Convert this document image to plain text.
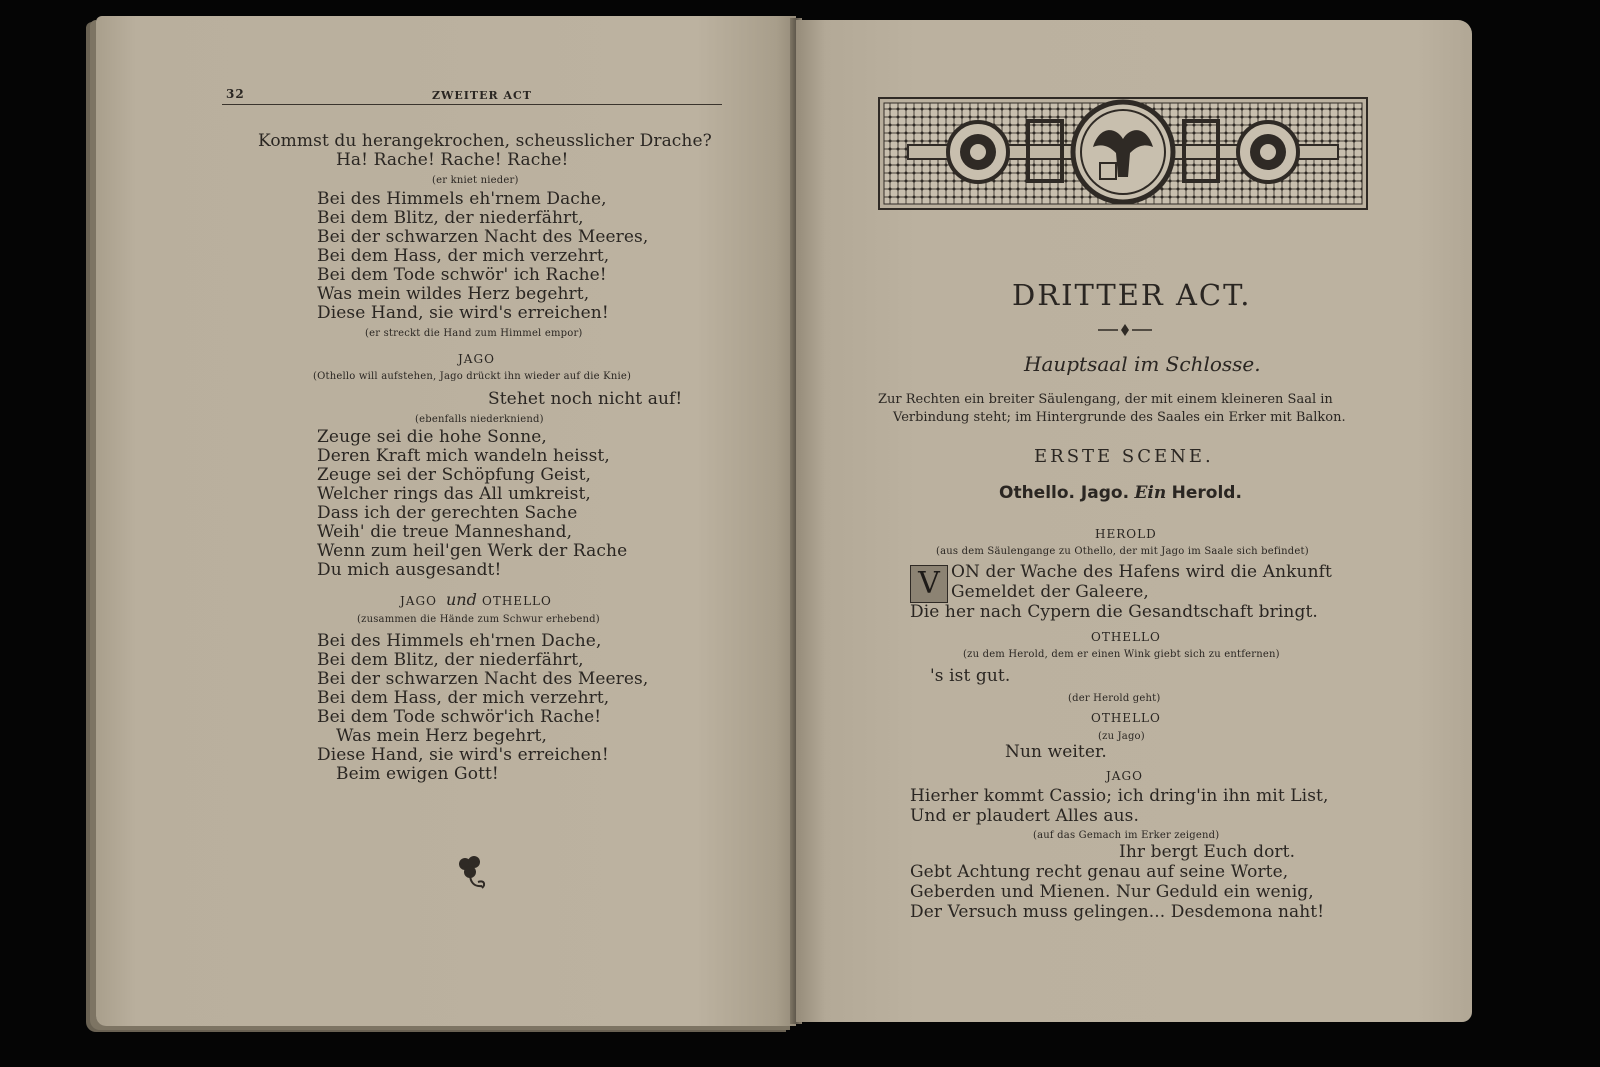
32	ZWEITER ACT
Kommst du herangekrochen, scheusslicher Drache?
Ha! Rache! Rache! Rache!
(er kniet nieder)
Bei des Himmels eh'rnem Dache,
Bei dem Blitz, der niederfährt,
Bei der schwarzen Nacht des Meeres,
Bei dem Hass, der mich verzehrt,
Bei dem Tode schwör' ich Rache!
Was mein wildes Herz begehrt,
Diese Hand, sie wird's erreichen!
(er streckt die Hand zum Himmel empor)
JAGO
(Othello will aufstehen, Jago drückt ihn wieder auf die Knie)
Stehet noch nicht auf!
(ebenfalls niederkniend)
Zeuge sei die hohe Sonne,
Deren Kraft mich wandeln heisst,
Zeuge sei der Schöpfung Geist,
Welcher rings das All umkreist,
Dass ich der gerechten Sache
Weih' die treue Manneshand,
Wenn zum heil'gen Werk der Rache
Du mich ausgesandt!
JAGO und OTHELLO
(zusammen die Hände zum Schwur erhebend)
Bei des Himmels eh'rnen Dache,
Bei dem Blitz, der niederfährt,
Bei der schwarzen Nacht des Meeres,
Bei dem Hass, der mich verzehrt,
Bei dem Tode schwör'ich Rache!
Was mein Herz begehrt,
Diese Hand, sie wird's erreichen!
Beim ewigen Gott!
DRITTER ACT.
Hauptsaal im Schlosse.
Zur Rechten ein breiter Säulengang, der mit einem kleineren Saal in
Verbindung steht; im Hintergrunde des Saales ein Erker mit Balkon.
ERSTE SCENE.
Othello. Jago. Ein Herold.
HEROLD
(aus dem Säulengange zu Othello, der mit Jago im Saale sich befindet)
V ON der Wache des Hafens wird die Ankunft
Gemeldet der Galeere,
Die her nach Cypern die Gesandtschaft bringt.
OTHELLO
(zu dem Herold, dem er einen Wink giebt sich zu entfernen)
's ist gut.
(der Herold geht)
OTHELLO
(zu Jago)
Nun weiter.
JAGO
Hierher kommt Cassio; ich dring'in ihn mit List,
Und er plaudert Alles aus.
(auf das Gemach im Erker zeigend)
Ihr bergt Euch dort.
Gebt Achtung recht genau auf seine Worte,
Geberden und Mienen. Nur Geduld ein wenig,
Der Versuch muss gelingen... Desdemona naht!
